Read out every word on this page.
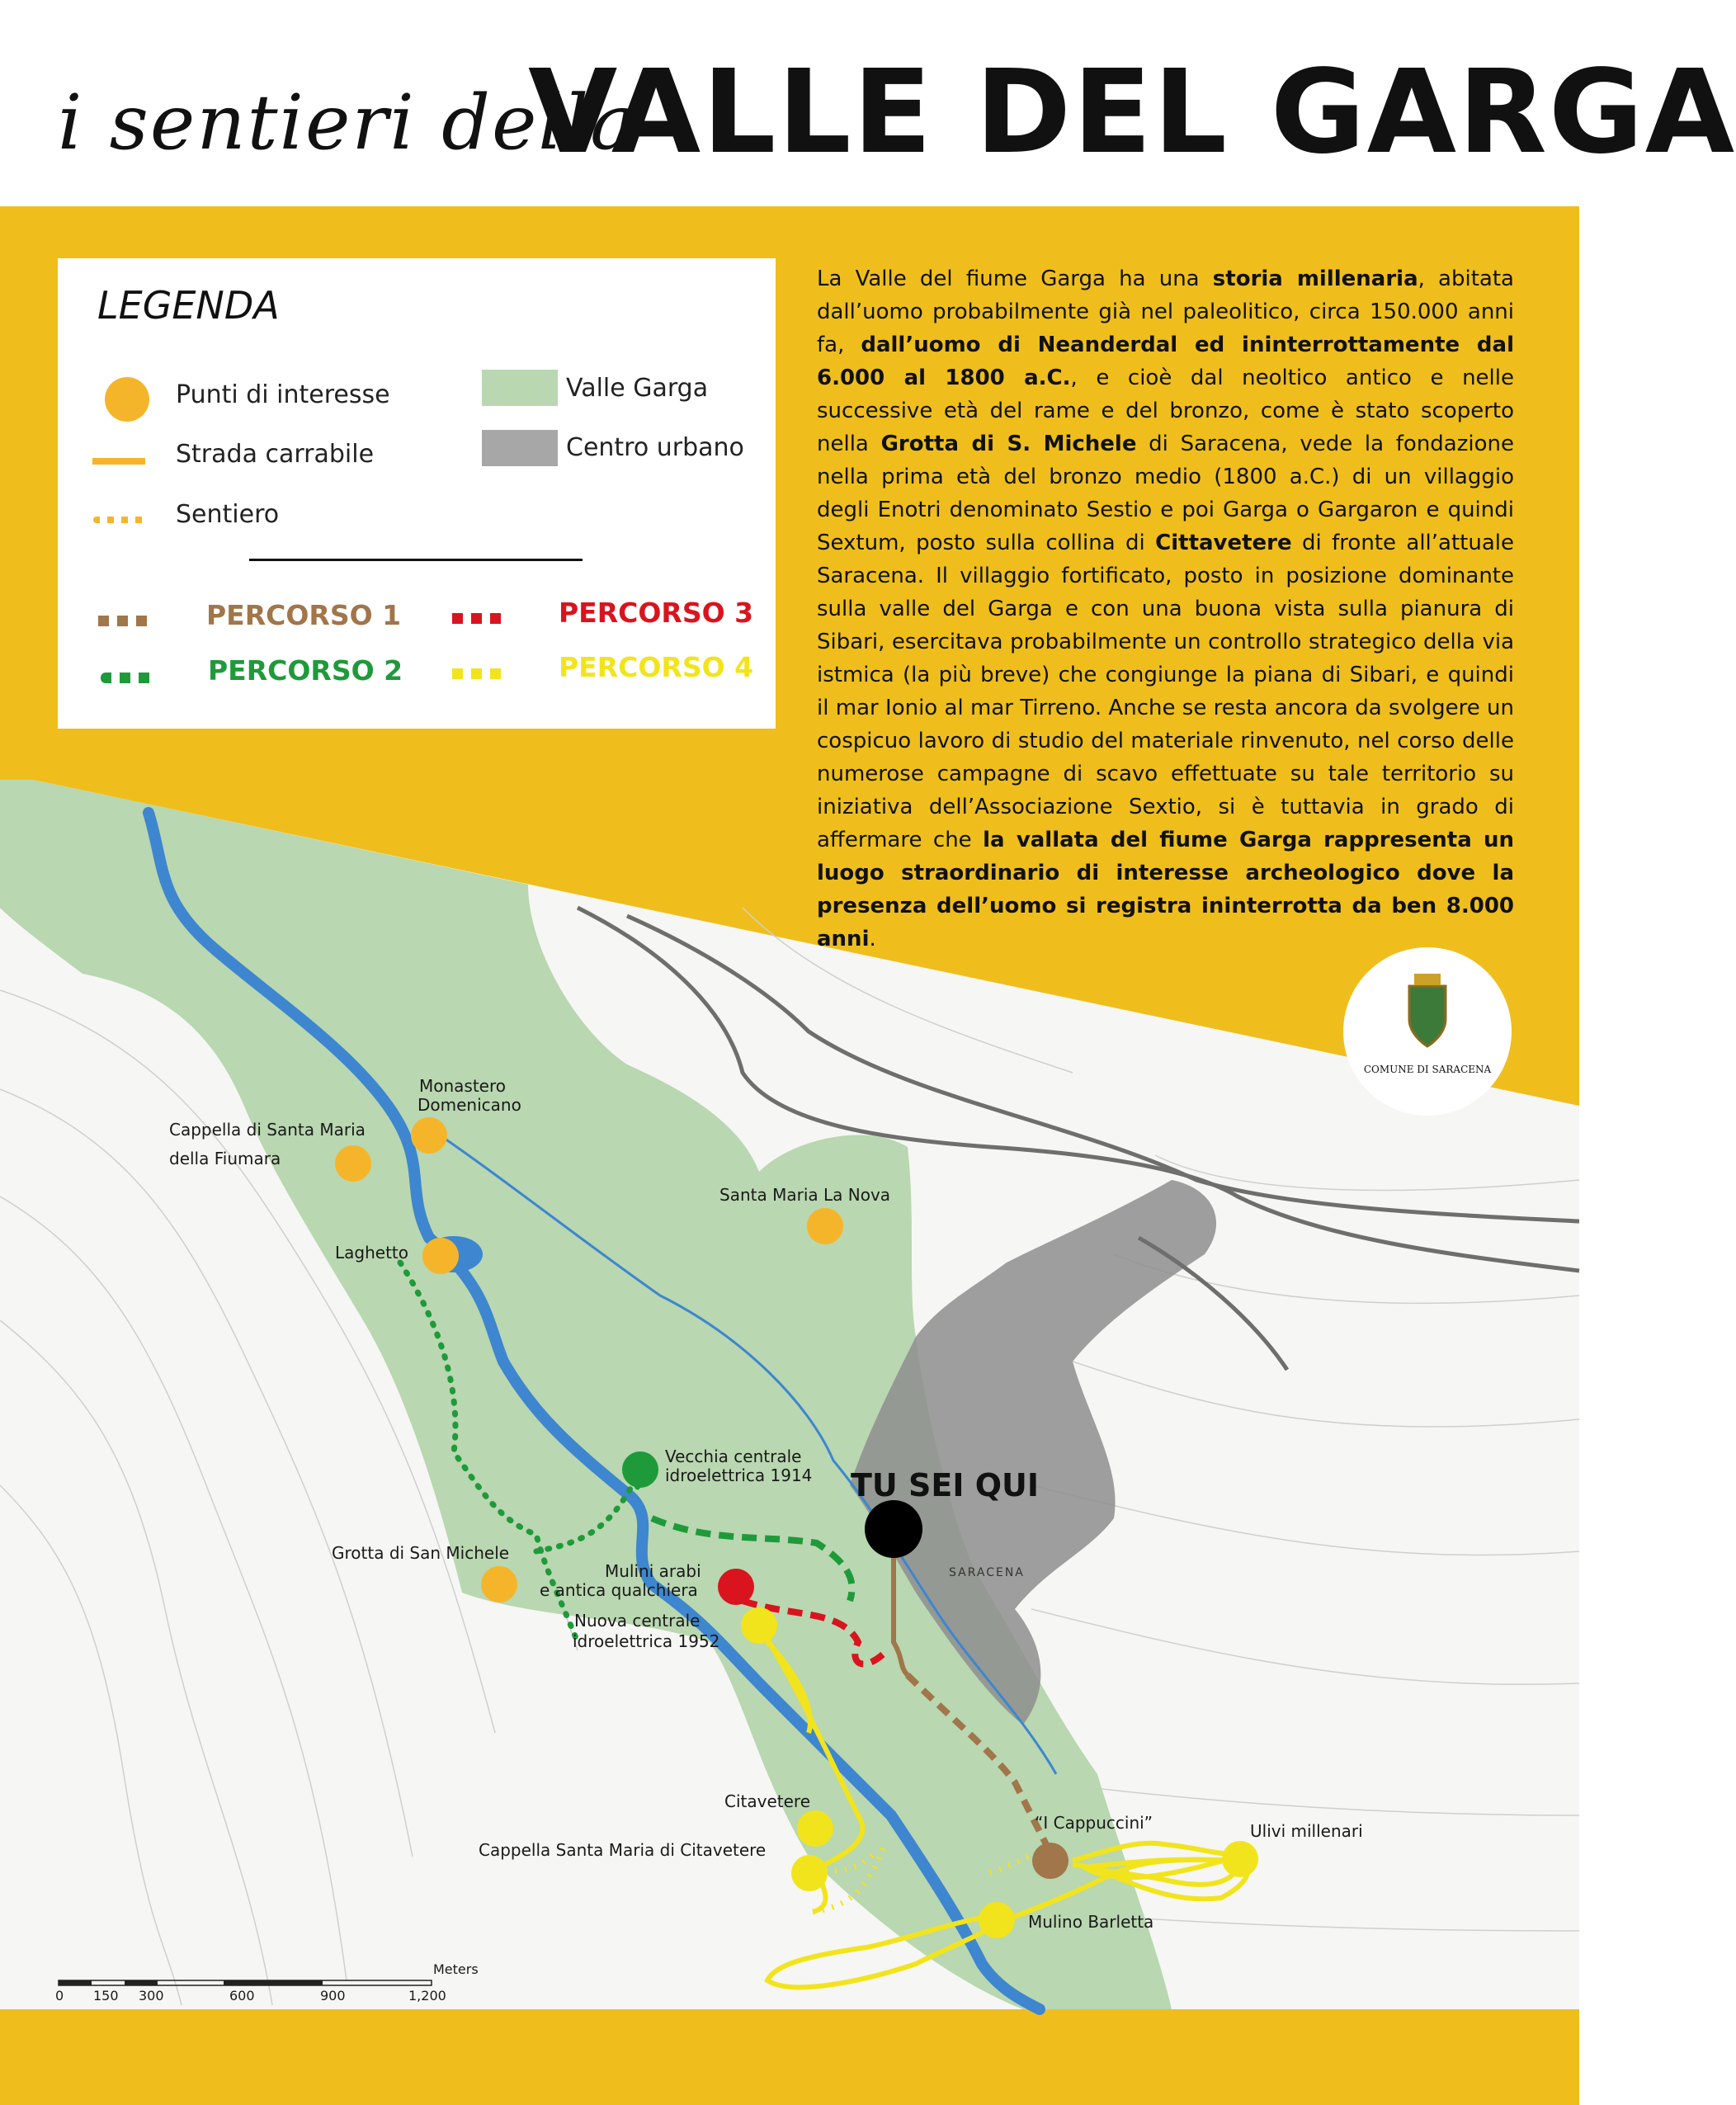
i sentieri della
VALLE DEL GARGA
Monastero
Domenicano
Cappella di Santa Maria
della Fiumara
Santa Maria La Nova
Laghetto
Vecchia centrale
idroelettrica 1914
Grotta di San Michele
Mulini arabi
e antica qualchiera
Nuova centrale
idroelettrica 1952
“I Cappuccini”
Citavetere
Cappella Santa Maria di Citavetere
Ulivi millenari
Mulino Barletta
TU SEI QUI
SARACENA
Meters
0 150 300	600	900	1,200
COMUNE DI SARACENA
LEGENDA
Punti di interesse
Strada carrabile
Sentiero
Valle Garga
Centro urbano
PERCORSO 1
PERCORSO 2
PERCORSO 3
PERCORSO 4
La Valle del fiume Garga ha una storia millenaria, abitata dall’uomo probabilmente già nel paleolitico, circa 150.000 anni fa, dall’uomo di Neanderdal ed ininterrottamente dal 6.000 al 1800 a.C., e cioè dal neoltico antico e nelle successive età del rame e del bronzo, come è stato scoperto nella Grotta di S. Michele di Saracena, vede la fondazione nella prima età del bronzo medio (1800 a.C.) di un villaggio degli Enotri denominato Sestio e poi Garga o Gargaron e quindi Sextum, posto sulla collina di Cittavetere di fronte all’attuale Saracena. Il villaggio fortificato, posto in posizione dominante sulla valle del Garga e con una buona vista sulla pianura di Sibari, esercitava probabilmente un controllo strategico della via istmica (la più breve) che congiunge la piana di Sibari, e quindi il mar Ionio al mar Tirreno. Anche se resta ancora da svolgere un cospicuo lavoro di studio del materiale rinvenuto, nel corso delle numerose campagne di scavo effettuate su tale territorio su iniziativa dell’Associazione Sextio, si è tuttavia in grado di affermare che la vallata del fiume Garga rappresenta un luogo straordinario di interesse archeologico dove la presenza dell’uomo si registra ininterrotta da ben 8.000 anni.
